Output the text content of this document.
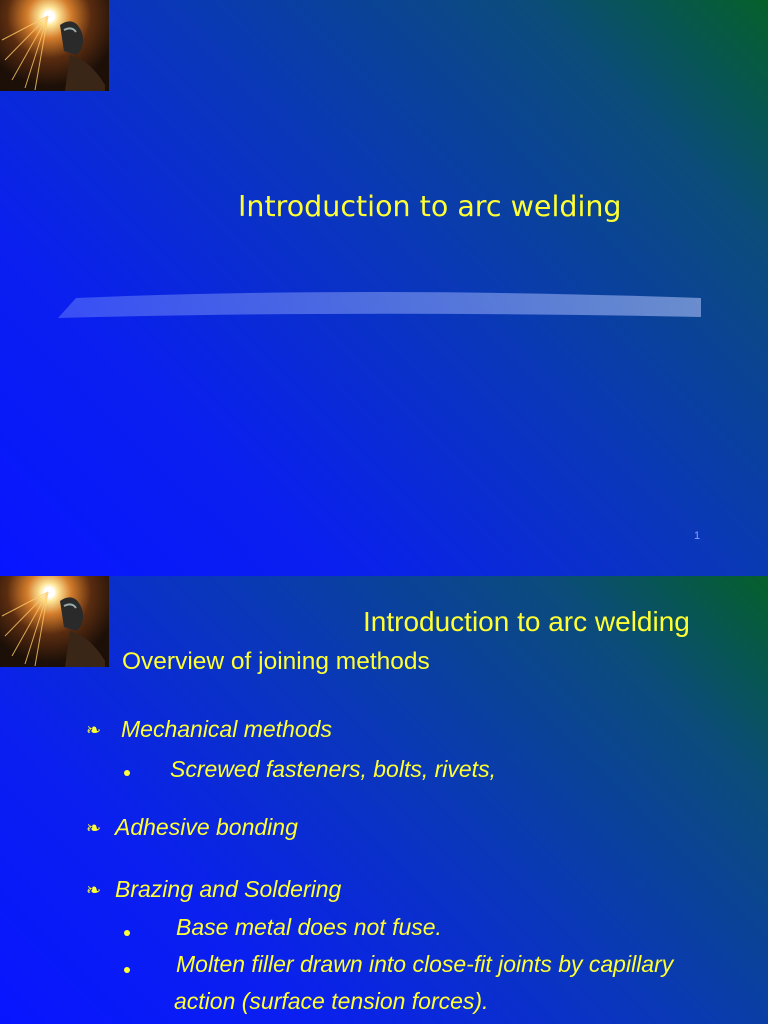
Introduction to arc welding
1
Introduction to arc welding
Overview of joining methods
❧ Mechanical methods
Screwed fasteners, bolts, rivets,
❧ Adhesive bonding
❧ Brazing and Soldering
Base metal does not fuse.
Molten filler drawn into close-fit joints by capillary
action (surface tension forces).
